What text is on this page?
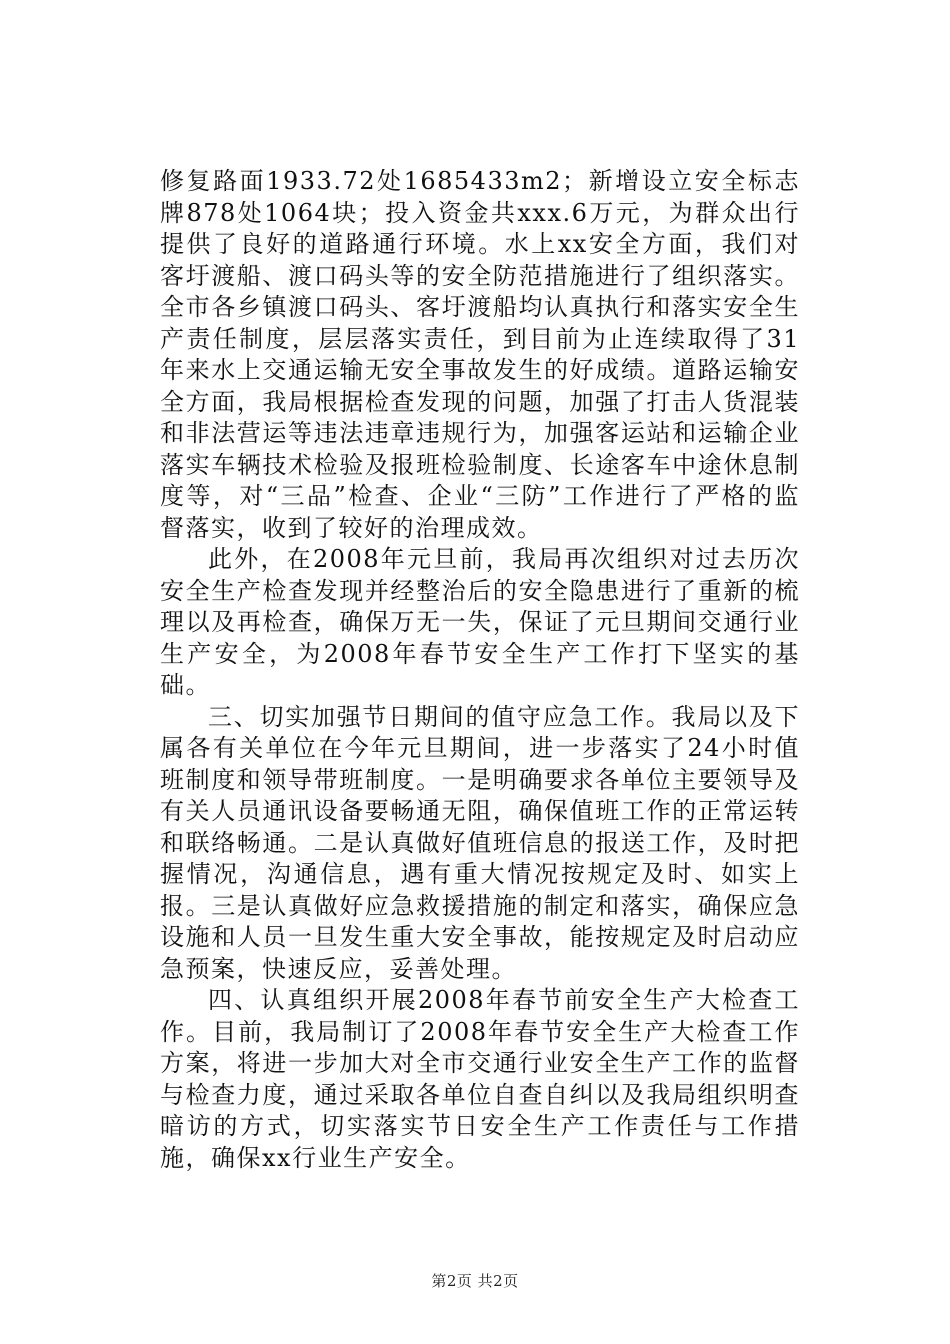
修复路面1933.72处1685433m2；新增设立安全标志牌878处1064块；投入资金共xxx.6万元，为群众出行提供了良好的道路通行环境。水上xx安全方面，我们对客圩渡船、渡口码头等的安全防范措施进行了组织落实。全市各乡镇渡口码头、客圩渡船均认真执行和落实安全生产责任制度，层层落实责任，到目前为止连续取得了31年来水上交通运输无安全事故发生的好成绩。道路运输安全方面，我局根据检查发现的问题，加强了打击人货混装和非法营运等违法违章违规行为，加强客运站和运输企业落实车辆技术检验及报班检验制度、长途客车中途休息制度等，对“三品”检查、企业“三防”工作进行了严格的监督落实，收到了较好的治理成效。

此外，在2008年元旦前，我局再次组织对过去历次安全生产检查发现并经整治后的安全隐患进行了重新的梳理以及再检查，确保万无一失，保证了元旦期间交通行业生产安全，为2008年春节安全生产工作打下坚实的基础。

三、切实加强节日期间的值守应急工作。我局以及下属各有关单位在今年元旦期间，进一步落实了24小时值班制度和领导带班制度。一是明确要求各单位主要领导及有关人员通讯设备要畅通无阻，确保值班工作的正常运转和联络畅通。二是认真做好值班信息的报送工作，及时把握情况，沟通信息，遇有重大情况按规定及时、如实上报。三是认真做好应急救援措施的制定和落实，确保应急设施和人员一旦发生重大安全事故，能按规定及时启动应急预案，快速反应，妥善处理。

四、认真组织开展2008年春节前安全生产大检查工作。目前，我局制订了2008年春节安全生产大检查工作方案，将进一步加大对全市交通行业安全生产工作的监督与检查力度，通过采取各单位自查自纠以及我局组织明查暗访的方式，切实落实节日安全生产工作责任与工作措施，确保xx行业生产安全。

第2页 共2页
